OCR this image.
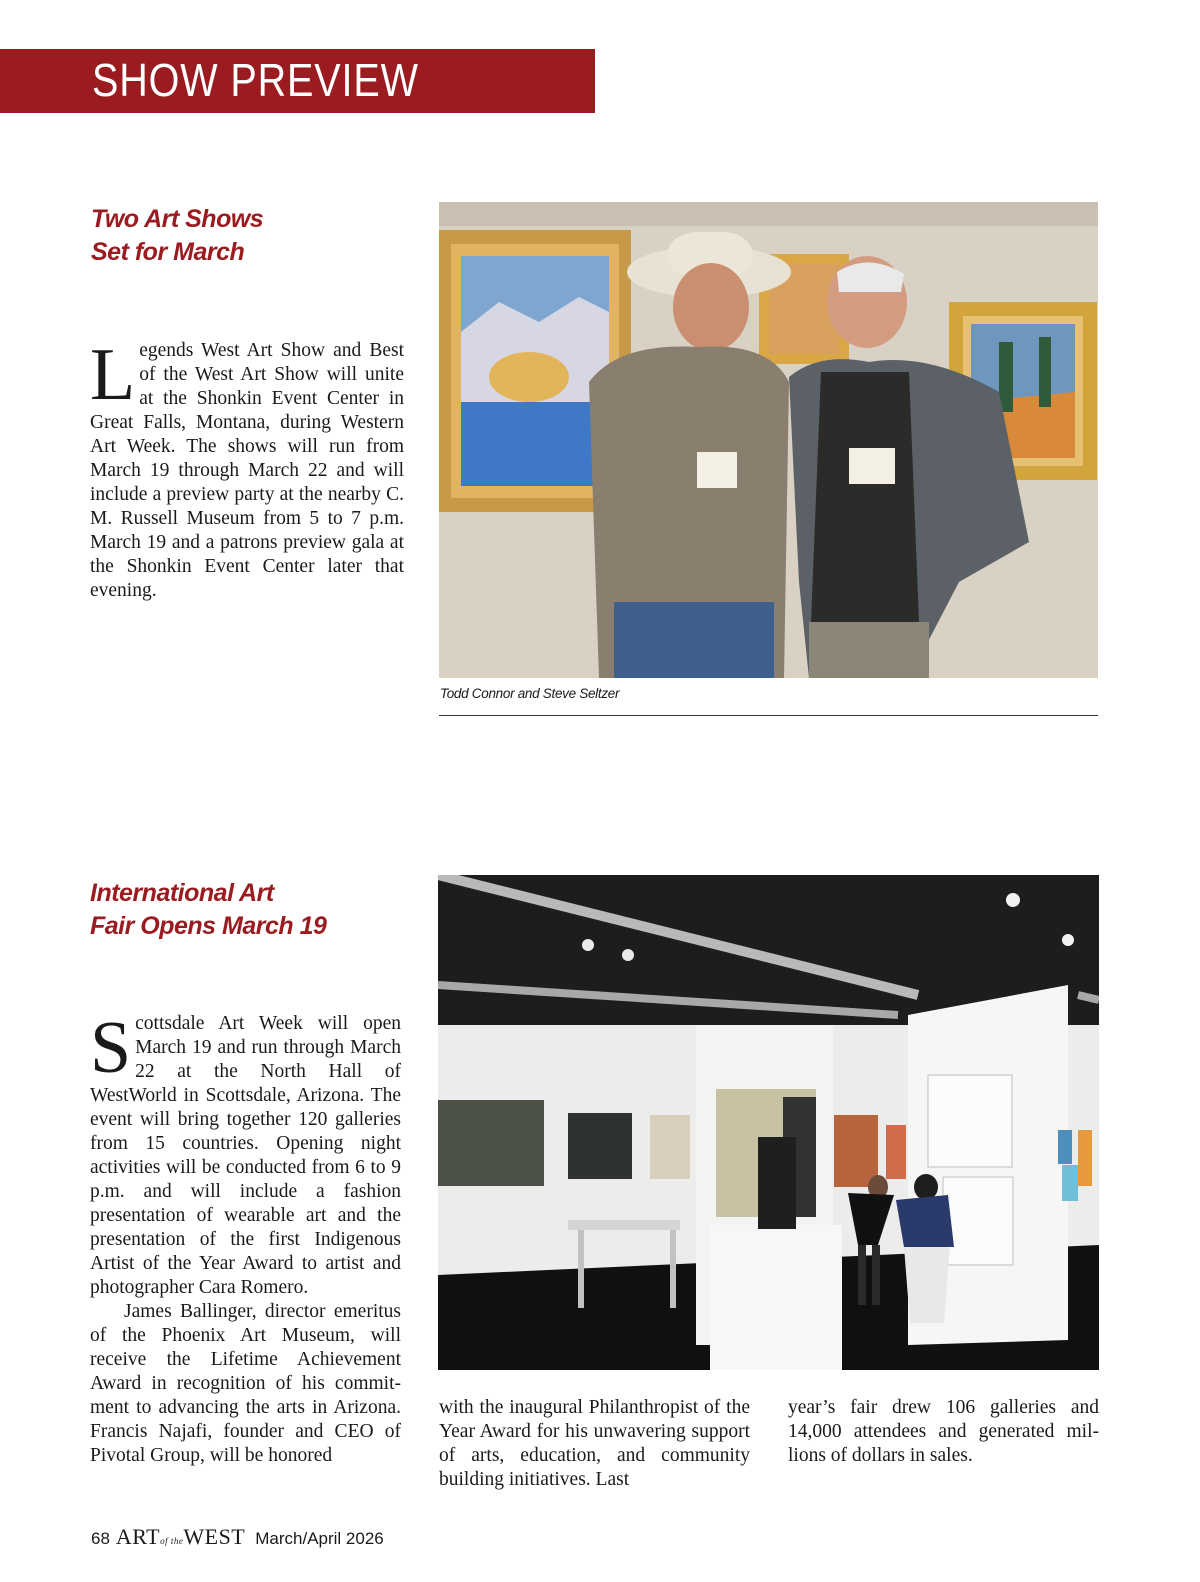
SHOW PREVIEW
Two Art Shows
Set for March
Legends West Art Show and Best of the West Art Show will unite at the Shonkin Event Center in Great Falls, Montana, during Western Art Week. The shows will run from March 19 through March 22 and will include a preview party at the nearby C. M. Russell Museum from 5 to 7 p.m. March 19 and a patrons preview gala at the Shonkin Event Center later that evening.
Todd Connor and Steve Seltzer
International Art
Fair Opens March 19
Scottsdale Art Week will open March 19 and run through March 22 at the North Hall of WestWorld in Scottsdale, Arizona. The event will bring together 120 galleries from 15 countries. Opening night activities will be conducted from 6 to 9 p.m. and will include a fashion presentation of wearable art and the presentation of the first Indigenous Artist of the Year Award to artist and photographer Cara Romero.
James Ballinger, director emeritus of the Phoenix Art Museum, will receive the Lifetime Achievement Award in recognition of his commitment to advancing the arts in Arizona. Francis Najafi, founder and CEO of Pivotal Group, will be honored
with the inaugural Philanthropist of the Year Award for his unwavering support of arts, education, and community building initiatives. Last
year’s fair drew 106 galleries and 14,000 attendees and generated millions of dollars in sales.
68 ARTof theWEST March/April 2026
